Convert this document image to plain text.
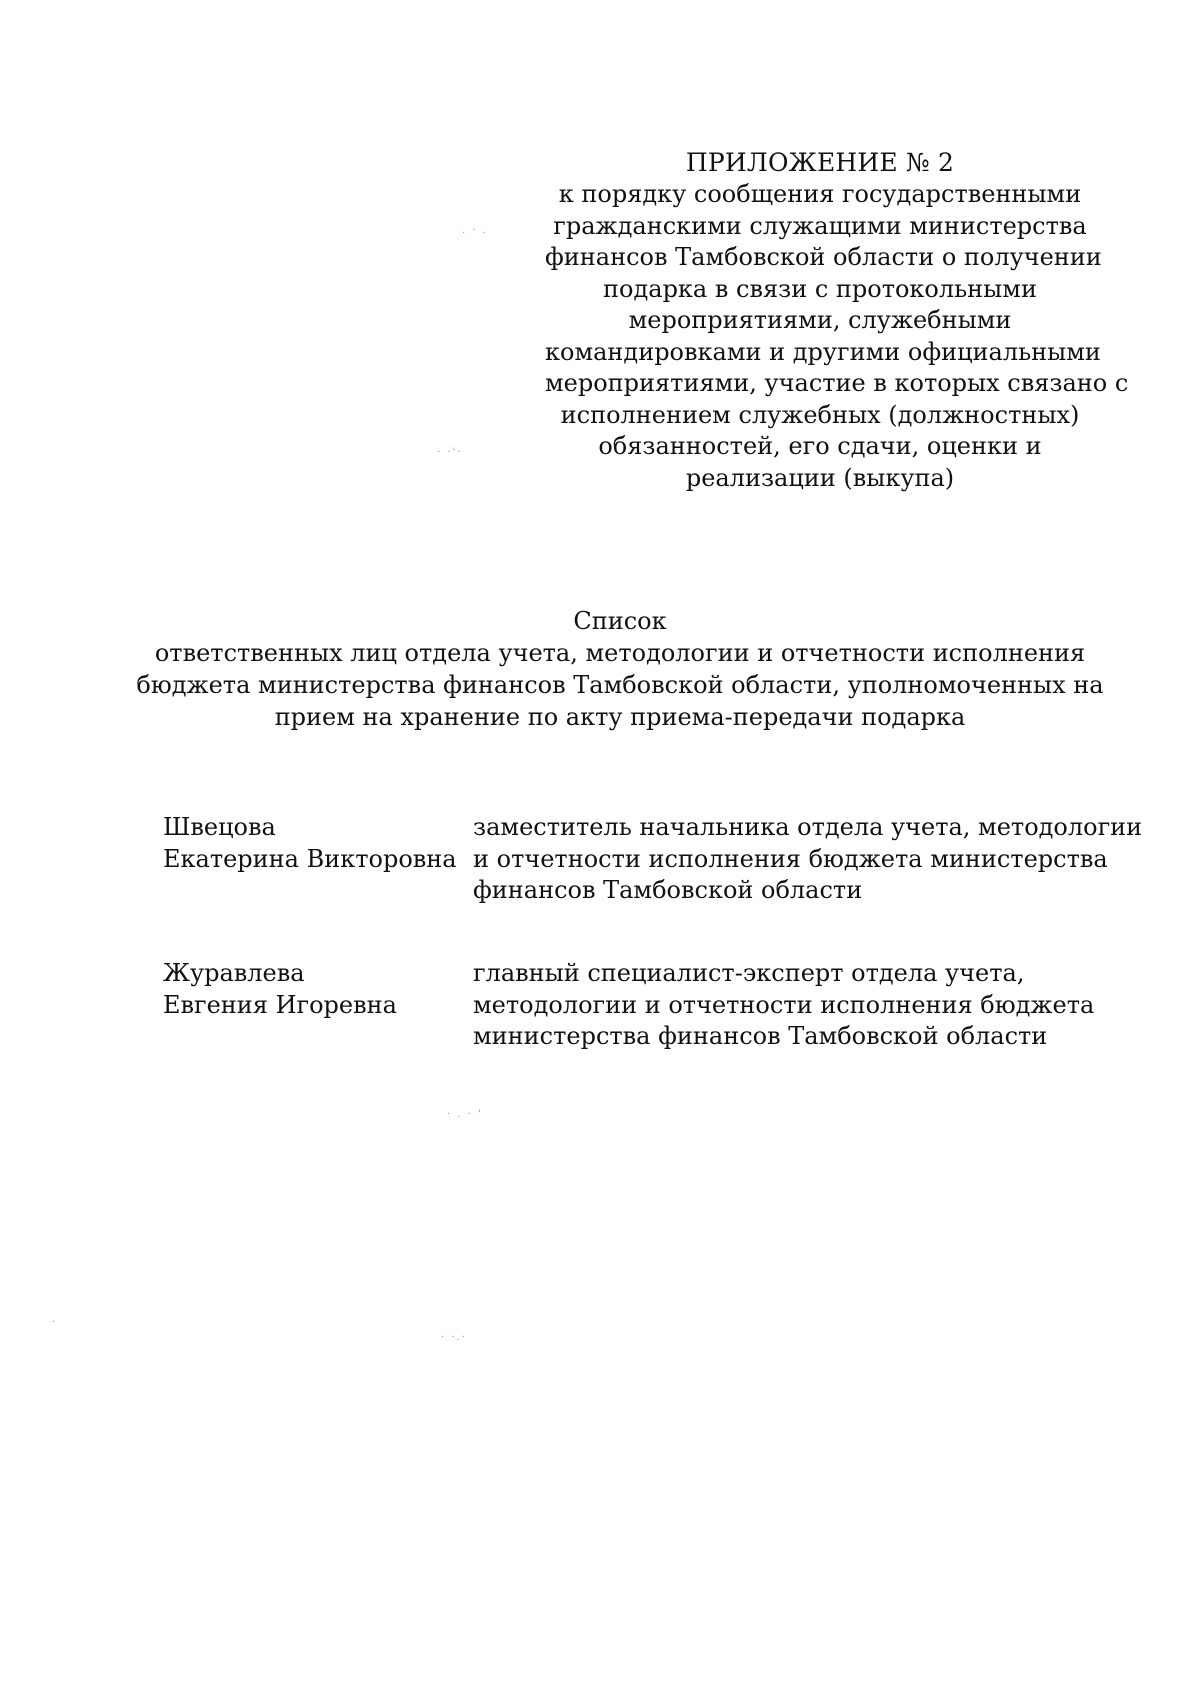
ПРИЛОЖЕНИЕ № 2
к порядку сообщения государственными
гражданскими служащими министерства
финансов Тамбовской области о получении
подарка в связи с протокольными
мероприятиями, служебными
командировками и другими официальными
мероприятиями, участие в которых связано с
исполнением служебных (должностных)
обязанностей, его сдачи, оценки и
реализации (выкупа)
Список
ответственных лиц отдела учета, методологии и отчетности исполнения
бюджета министерства финансов Тамбовской области, уполномоченных на
прием на хранение по акту приема-передачи подарка
Швецова
Екатерина Викторовна
заместитель начальника отдела учета, методологии
и отчетности исполнения бюджета министерства
финансов Тамбовской области
Журавлева
Евгения Игоревна
главный специалист-эксперт отдела учета,
методологии и отчетности исполнения бюджета
министерства финансов Тамбовской области
. · .
· ·'·
· . · '
· ·.·
·
